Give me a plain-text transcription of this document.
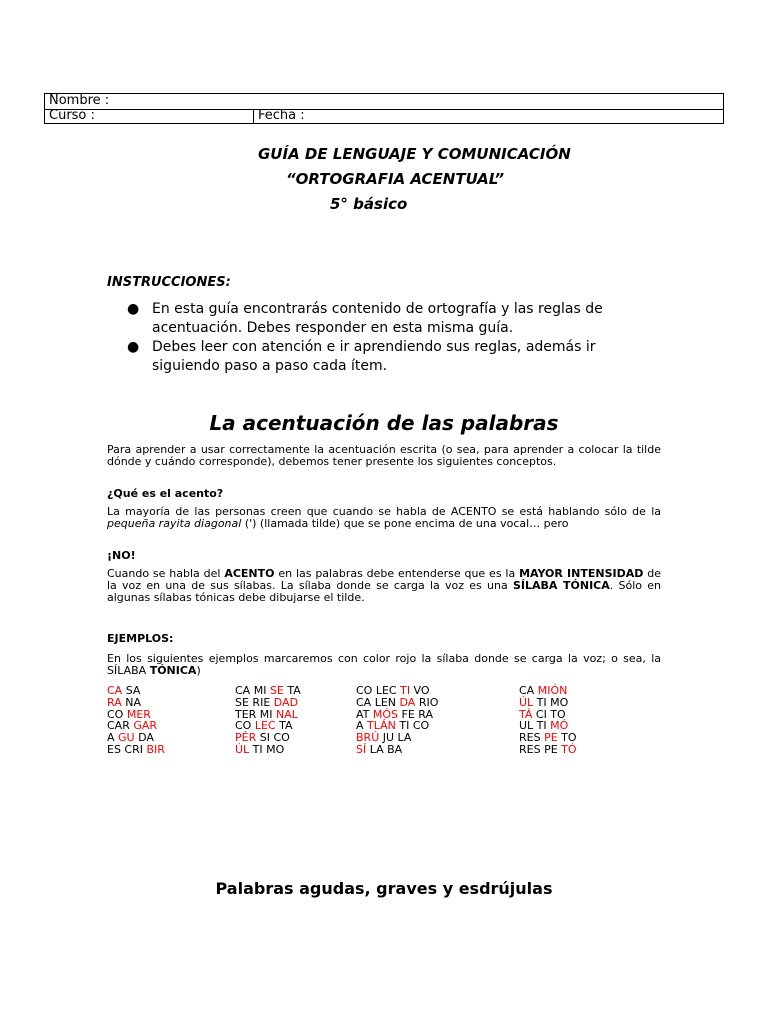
Nombre :
Curso :	Fecha :
GUÍA DE LENGUAJE Y COMUNICACIÓN
“ORTOGRAFIA ACENTUAL”
5° básico
INSTRUCCIONES:
● En esta guía encontrarás contenido de ortografía y las reglas de acentuación. Debes responder en esta misma guía.
● Debes leer con atención e ir aprendiendo sus reglas, además ir siguiendo paso a paso cada ítem.
La acentuación de las palabras
Para aprender a usar correctamente la acentuación escrita (o sea, para aprender a colocar la tilde dónde y cuándo corresponde), debemos tener presente los siguientes conceptos.
¿Qué es el acento?
La mayoría de las personas creen que cuando se habla de ACENTO se está hablando sólo de la pequeña rayita diagonal (') (llamada tilde) que se pone encima de una vocal… pero
¡NO!
Cuando se habla del ACENTO en las palabras debe entenderse que es la MAYOR INTENSIDAD de la voz en una de sus sílabas. La sílaba donde se carga la voz es una SÍLABA TÓNICA. Sólo en algunas sílabas tónicas debe dibujarse el tilde.
EJEMPLOS:
En los siguientes ejemplos marcaremos con color rojo la sílaba donde se carga la voz; o sea, la SÍLABA TÓNICA)
CA SA
RA NA
CO MER
CAR GAR
A GU DA
ES CRI BIR
CA MI SE TA
SE RIE DAD
TER MI NAL
CO LEC TA
PÉR SI CO
ÚL TI MO
CO LEC TI VO
CA LEN DA RIO
AT MÓS FE RA
A TLÁN TI CO
BRÚ JU LA
SÍ LA BA
CA MIÓN
ÚL TI MO
TÁ CI TO
UL TI MÓ
RES PE TO
RES PE TÓ
Palabras agudas, graves y esdrújulas
